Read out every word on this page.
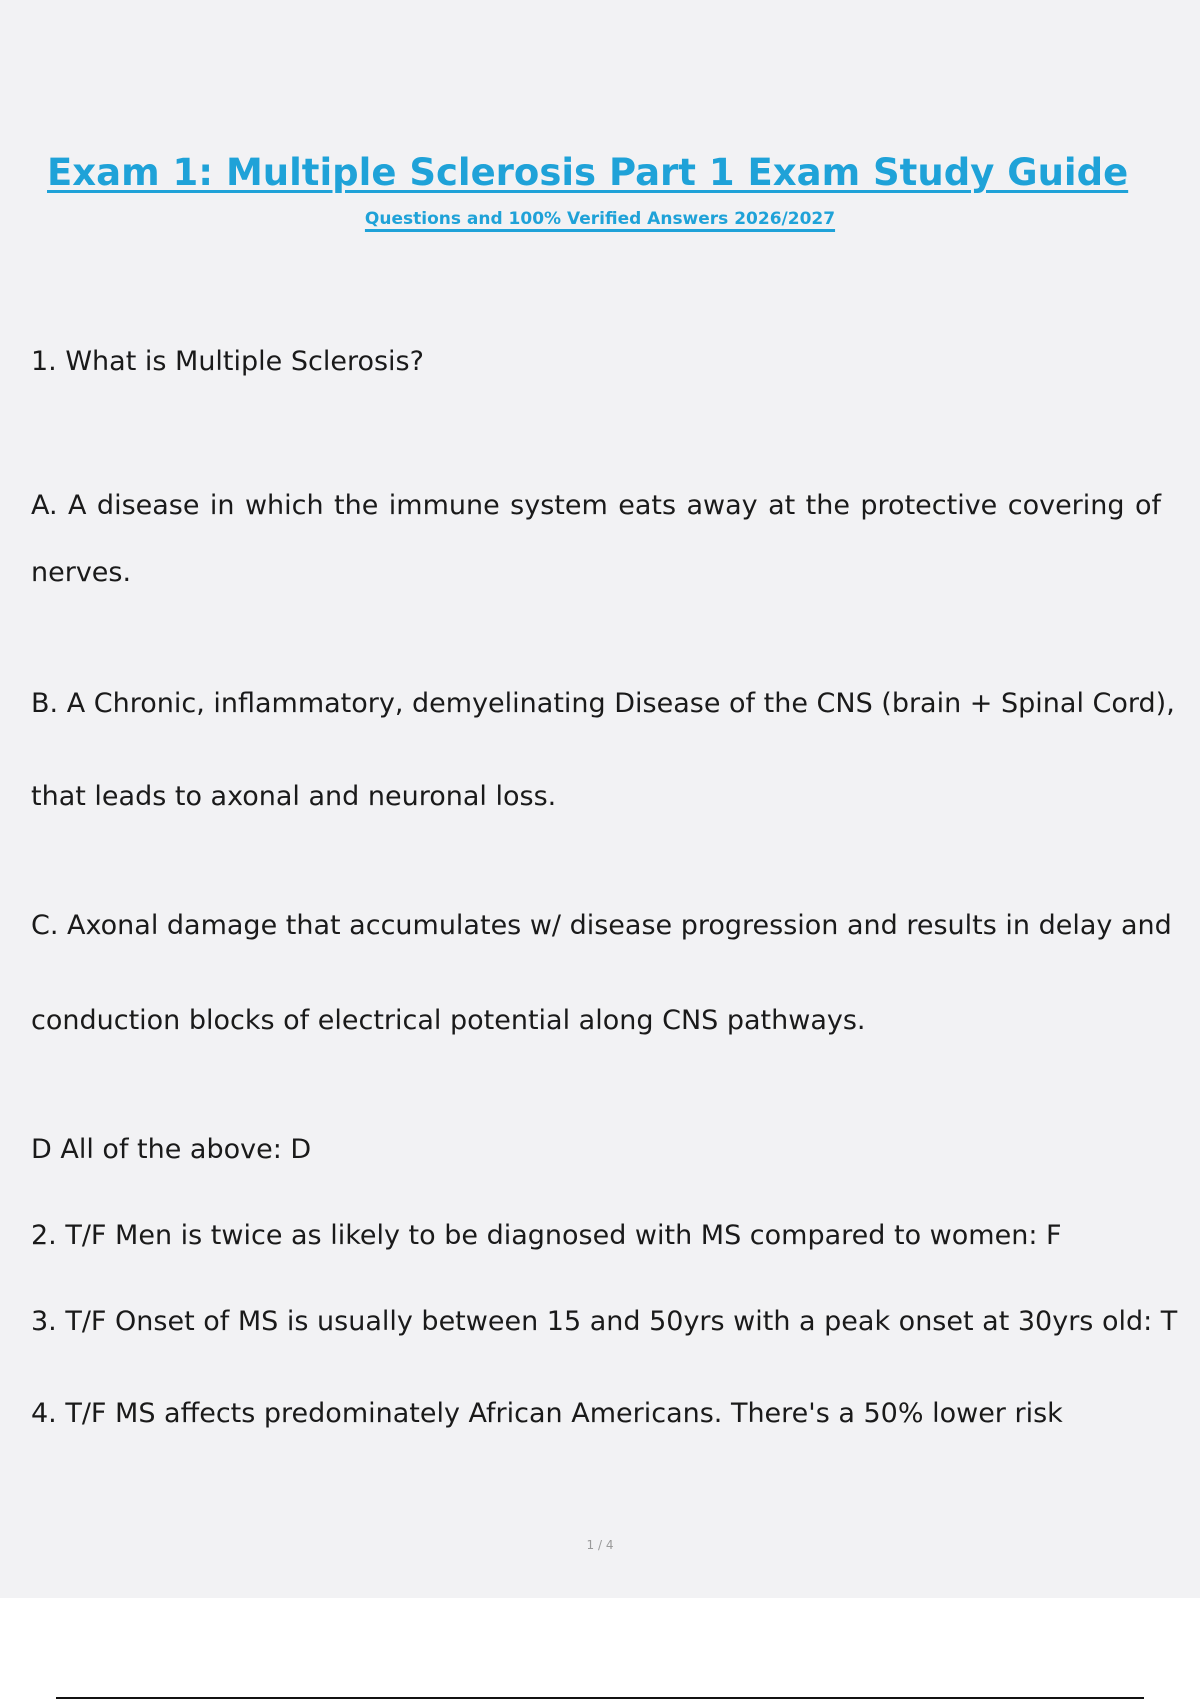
Exam 1: Multiple Sclerosis Part 1 Exam Study Guide

Questions and 100% Verified Answers 2026/2027

1. What is Multiple Sclerosis?

A. A disease in which the immune system eats away at the protective covering of

nerves.

B. A Chronic, inflammatory, demyelinating Disease of the CNS (brain + Spinal Cord),

that leads to axonal and neuronal loss.

C. Axonal damage that accumulates w/ disease progression and results in delay and

conduction blocks of electrical potential along CNS pathways.

D All of the above: D

2. T/F Men is twice as likely to be diagnosed with MS compared to women: F

3. T/F Onset of MS is usually between 15 and 50yrs with a peak onset at 30yrs old: T

4. T/F MS affects predominately African Americans. There's a 50% lower risk

1 / 4
